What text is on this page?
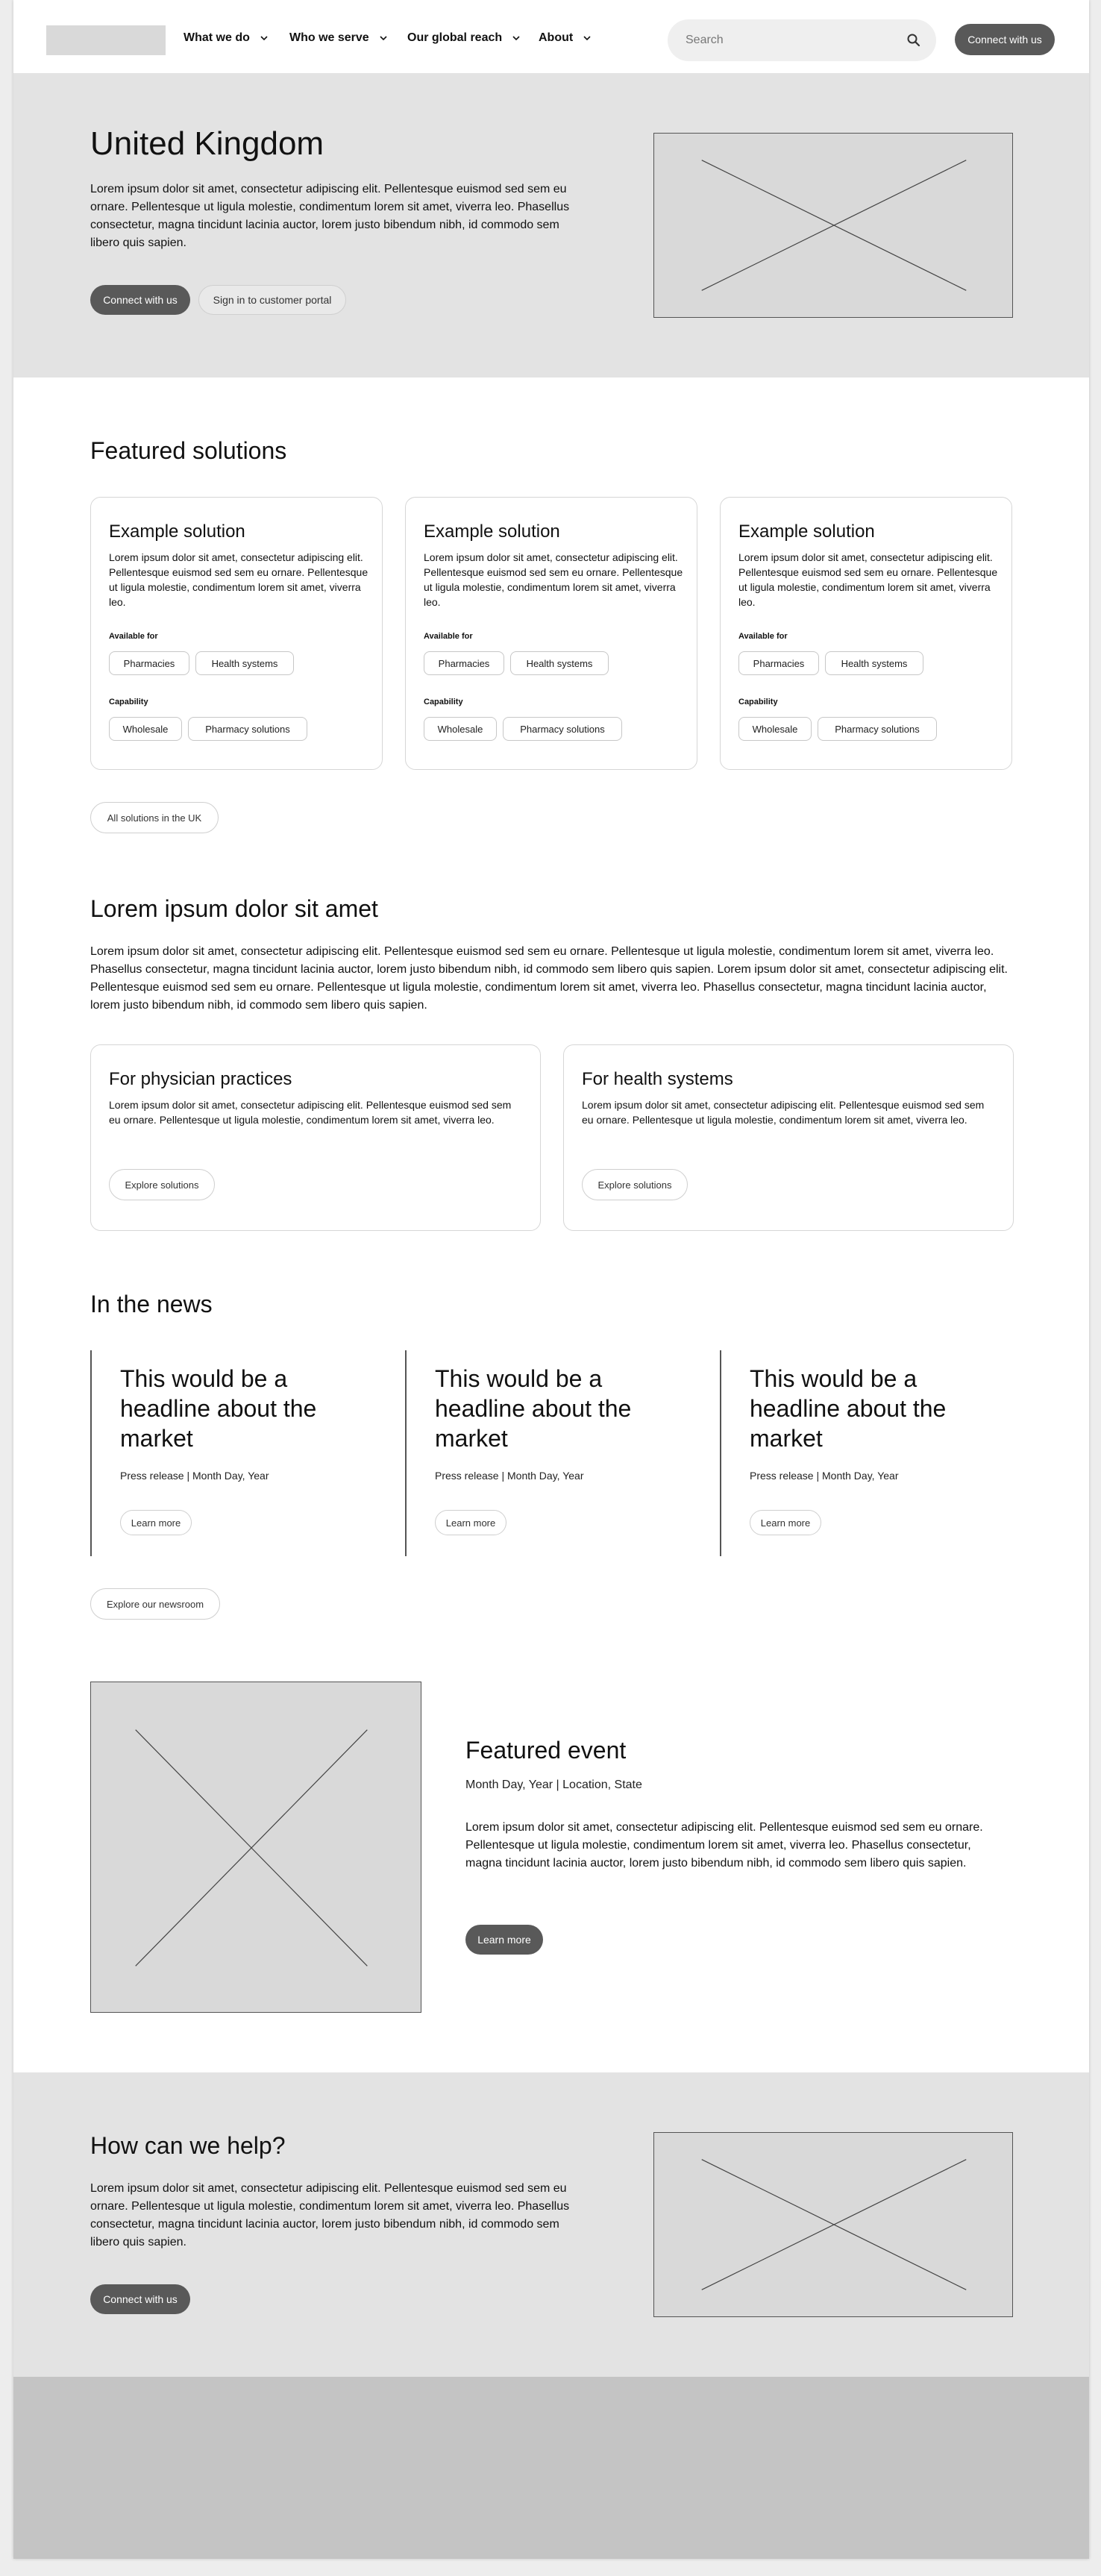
What we do	Who we serve	Our global reach	About
Search	Connect with us
United Kingdom

Lorem ipsum dolor sit amet, consectetur adipiscing elit. Pellentesque euismod sed sem eu ornare. Pellentesque ut ligula molestie, condimentum lorem sit amet, viverra leo. Phasellus consectetur, magna tincidunt lacinia auctor, lorem justo bibendum nibh, id commodo sem libero quis sapien.

Connect with us	Sign in to customer portal
Featured solutions
Example solution
Lorem ipsum dolor sit amet, consectetur adipiscing elit. Pellentesque euismod sed sem eu ornare. Pellentesque ut ligula molestie, condimentum lorem sit amet, viverra leo.
Available for
Pharmacies	Health systems
Capability
Wholesale	Pharmacy solutions
Example solution
Lorem ipsum dolor sit amet, consectetur adipiscing elit. Pellentesque euismod sed sem eu ornare. Pellentesque ut ligula molestie, condimentum lorem sit amet, viverra leo.
Available for
Pharmacies	Health systems
Capability
Wholesale	Pharmacy solutions
Example solution
Lorem ipsum dolor sit amet, consectetur adipiscing elit. Pellentesque euismod sed sem eu ornare. Pellentesque ut ligula molestie, condimentum lorem sit amet, viverra leo.
Available for
Pharmacies	Health systems
Capability
Wholesale	Pharmacy solutions
All solutions in the UK
Lorem ipsum dolor sit amet
Lorem ipsum dolor sit amet, consectetur adipiscing elit. Pellentesque euismod sed sem eu ornare. Pellentesque ut ligula molestie, condimentum lorem sit amet, viverra leo. Phasellus consectetur, magna tincidunt lacinia auctor, lorem justo bibendum nibh, id commodo sem libero quis sapien. Lorem ipsum dolor sit amet, consectetur adipiscing elit. Pellentesque euismod sed sem eu ornare. Pellentesque ut ligula molestie, condimentum lorem sit amet, viverra leo. Phasellus consectetur, magna tincidunt lacinia auctor, lorem justo bibendum nibh, id commodo sem libero quis sapien.
For physician practices
Lorem ipsum dolor sit amet, consectetur adipiscing elit. Pellentesque euismod sed sem eu ornare. Pellentesque ut ligula molestie, condimentum lorem sit amet, viverra leo.
Explore solutions
For health systems
Lorem ipsum dolor sit amet, consectetur adipiscing elit. Pellentesque euismod sed sem eu ornare. Pellentesque ut ligula molestie, condimentum lorem sit amet, viverra leo.
Explore solutions
In the news
This would be a headline about the market
Press release | Month Day, Year
Learn more
This would be a headline about the market
Press release | Month Day, Year
Learn more
This would be a headline about the market
Press release | Month Day, Year
Learn more
Explore our newsroom
Featured event
Month Day, Year | Location, State
Lorem ipsum dolor sit amet, consectetur adipiscing elit. Pellentesque euismod sed sem eu ornare. Pellentesque ut ligula molestie, condimentum lorem sit amet, viverra leo. Phasellus consectetur, magna tincidunt lacinia auctor, lorem justo bibendum nibh, id commodo sem libero quis sapien.
Learn more
How can we help?
Lorem ipsum dolor sit amet, consectetur adipiscing elit. Pellentesque euismod sed sem eu ornare. Pellentesque ut ligula molestie, condimentum lorem sit amet, viverra leo. Phasellus consectetur, magna tincidunt lacinia auctor, lorem justo bibendum nibh, id commodo sem libero quis sapien.
Connect with us
